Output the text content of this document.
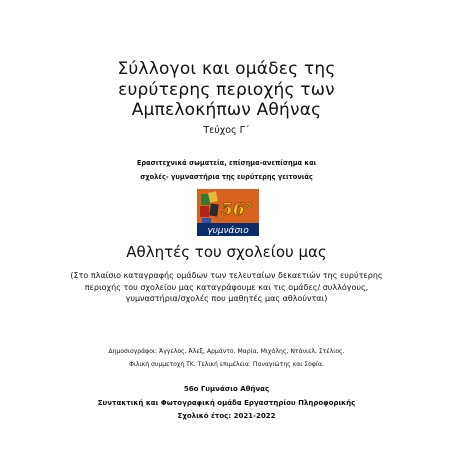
Σύλλογοι και ομάδες της
ευρύτερης περιοχής των
Αμπελοκήπων Αθήνας
Τεύχος Γ΄
Ερασιτεχνικά σωματεία, επίσημα-ανεπίσημα και
σχολές- γυμναστήρια της ευρύτερης γειτονιάς
56°
γυμνάσιο
Αθλητές του σχολείου μας

(Στο πλαίσιο καταγραφής ομάδων των τελευταίων δεκαετιών της ευρύτερης περιοχής του σχολείου μας καταγράφουμε και τις ομάδες/ συλλόγους, γυμναστήρια/σχολές που μαθητές μας αθλούνται)

Δημοσιογράφοι: Άγγελος, Άλεξ, Αρμάντο, Μαρία, Μιχάλης, Ντάνιελ, Στέλιος.
Φιλική συμμετοχή ΤΚ. Τελική επιμέλεια. Παναγιώτης και Σοφία.
56ο Γυμνάσιο Αθήνας
Συντακτική και Φωτογραφική ομάδα Εργαστηρίου Πληροφορικής
Σχολικό έτος: 2021-2022
